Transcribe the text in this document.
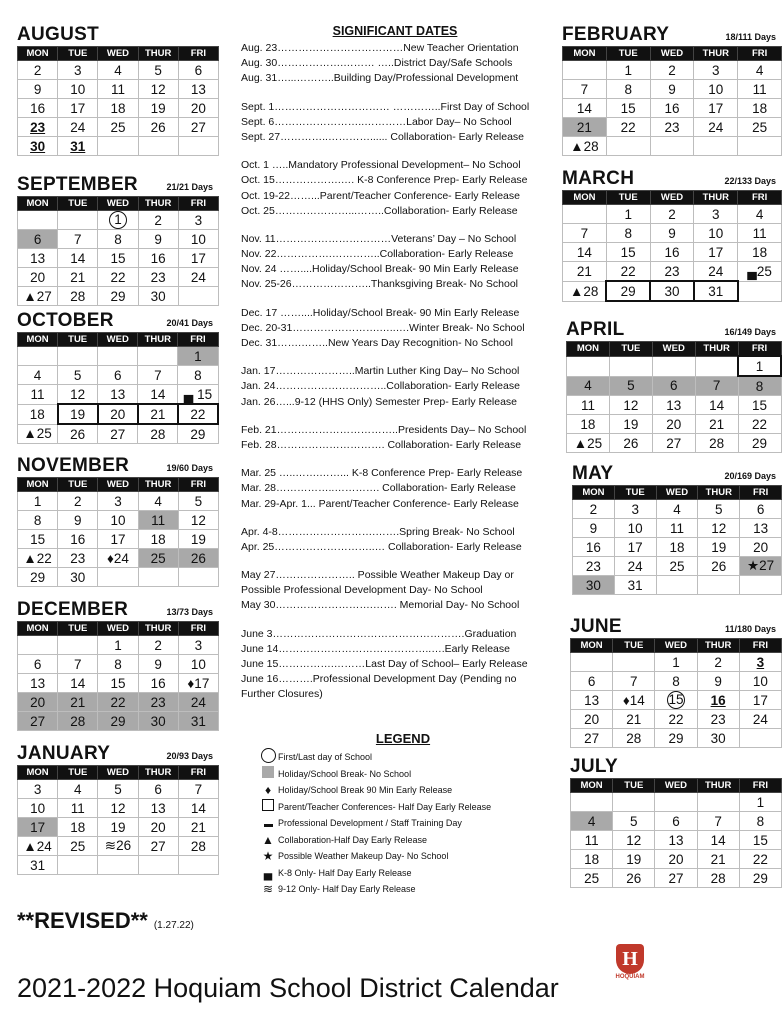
AUGUST
MON	TUE	WED	THUR	FRI
2	3	4	5	6
9	10	11	12	13
16	17	18	19	20
23	24	25	26	27
30	31			
SEPTEMBER	21/21 Days
MON	TUE	WED	THUR	FRI
		1	2	3
6	7	8	9	10
13	14	15	16	17
20	21	22	23	24
▲27	28	29	30	
OCTOBER	20/41 Days
MON	TUE	WED	THUR	FRI
				1
4	5	6	7	8
11	12	13	14	▄ 15
18	19	20	21	22
▲25	26	27	28	29
NOVEMBER	19/60 Days
MON	TUE	WED	THUR	FRI
1	2	3	4	5
8	9	10	11	12
15	16	17	18	19
▲22	23	♦24	25	26
29	30			
DECEMBER	13/73 Days
MON	TUE	WED	THUR	FRI
		1	2	3
6	7	8	9	10
13	14	15	16	♦17
20	21	22	23	24
27	28	29	30	31
JANUARY	20/93 Days
MON	TUE	WED	THUR	FRI
3	4	5	6	7
10	11	12	13	14
17	18	19	20	21
▲24	25	≋26	27	28
31				
FEBRUARY	18/111 Days
MON	TUE	WED	THUR	FRI
	1	2	3	4
7	8	9	10	11
14	15	16	17	18
21	22	23	24	25
▲28				
MARCH	22/133 Days
MON	TUE	WED	THUR	FRI
	1	2	3	4
7	8	9	10	11
14	15	16	17	18
21	22	23	24	▄25
▲28	29	30	31	
APRIL	16/149 Days
MON	TUE	WED	THUR	FRI
				1
4	5	6	7	8
11	12	13	14	15
18	19	20	21	22
▲25	26	27	28	29
MAY	20/169 Days
MON	TUE	WED	THUR	FRI
2	3	4	5	6
9	10	11	12	13
16	17	18	19	20
23	24	25	26	★27
30	31			
JUNE	11/180 Days
MON	TUE	WED	THUR	FRI
		1	2	3
6	7	8	9	10
13	♦14	15	16	17
20	21	22	23	24
27	28	29	30	
JULY
MON	TUE	WED	THUR	FRI
				1
4	5	6	7	8
11	12	13	14	15
18	19	20	21	22
25	26	27	28	29
SIGNIFICANT DATES
Aug. 23………………………………New Teacher Orientation
Aug. 30……………….……… …..District Day/Safe Schools
Aug. 31…...………..Building Day/Professional Development
Sept. 1…………………………… …………..First Day of School
Sept. 6……………………..…………Labor Day– No School
Sept. 27…………..…………...... Collaboration- Early Release
Oct. 1 …..Mandatory Professional Development– No School
Oct. 15……………….…. K-8 Conference Prep- Early Release
Oct. 19-22……...Parent/Teacher Conference- Early Release
Oct. 25…………………...……..Collaboration- Early Release
Nov. 11……………………………Veterans’ Day – No School
Nov. 22…………….…………..Collaboration- Early Release
Nov. 24 ……....Holiday/School Break- 90 Min Early Release
Nov. 25-26…………………..Thanksgiving Break- No School
Dec. 17 ……....Holiday/School Break- 90 Min Early Release
Dec. 20-31…………………….…..….Winter Break- No School
Dec. 31…….……..New Years Day Recognition- No School
Jan. 17…………………..Martin Luther King Day– No School
Jan. 24…………………………..Collaboration- Early Release
Jan. 26…...9-12 (HHS Only) Semester Prep- Early Release
Feb. 21……………………………..Presidents Day– No School
Feb. 28…………………………. Collaboration- Early Release
Mar. 25 …..…….……... K-8 Conference Prep- Early Release
Mar. 28……………..…………. Collaboration- Early Release
Mar. 29-Apr. 1... Parent/Teacher Conference- Early Release
Apr. 4-8……………………….…….Spring Break- No School
Apr. 25………………………..… Collaboration- Early Release
May 27………………….. Possible Weather Makeup Day or
Possible Professional Development Day- No School
May 30……………………….……. Memorial Day- No School
June 3……………………………………………….Graduation
June 14……………………………………..….Early Release
June 15…………….………Last Day of School– Early Release
June 16……….Professional Development Day (Pending no
Further Closures)
LEGEND
First/Last day of School
Holiday/School Break- No School
♦ Holiday/School Break 90 Min Early Release
Parent/Teacher Conferences- Half Day Early Release
Professional Development / Staff Training Day
▲ Collaboration-Half Day Early Release
★ Possible Weather Makeup Day- No School
▄ K-8 Only- Half Day Early Release
≋ 9-12 Only- Half Day Early Release
**REVISED** (1.27.22)
2021-2022 Hoquiam School District Calendar
H
HOQUIAM
